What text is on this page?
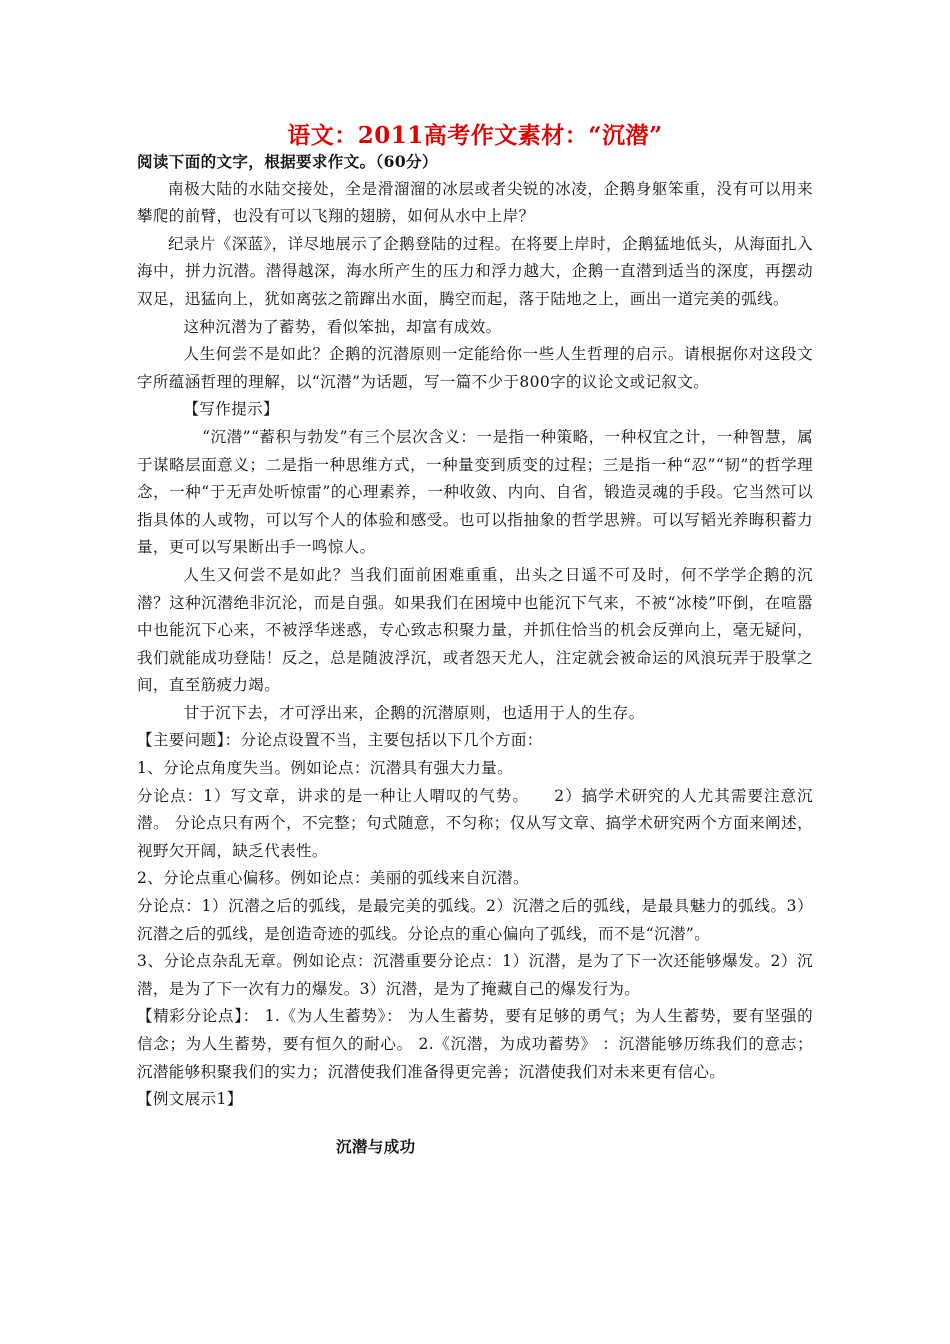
语文：2011高考作文素材：“沉潜”

阅读下面的文字，根据要求作文。（60分）

南极大陆的水陆交接处，全是滑溜溜的冰层或者尖锐的冰凌，企鹅身躯笨重，没有可以用来攀爬的前臂，也没有可以飞翔的翅膀，如何从水中上岸？

纪录片《深蓝》，详尽地展示了企鹅登陆的过程。在将要上岸时，企鹅猛地低头，从海面扎入海中，拼力沉潜。潜得越深，海水所产生的压力和浮力越大，企鹅一直潜到适当的深度，再摆动双足，迅猛向上，犹如离弦之箭蹿出水面，腾空而起，落于陆地之上，画出一道完美的弧线。

这种沉潜为了蓄势，看似笨拙，却富有成效。

人生何尝不是如此？企鹅的沉潜原则一定能给你一些人生哲理的启示。请根据你对这段文字所蕴涵哲理的理解，以“沉潜”为话题，写一篇不少于800字的议论文或记叙文。

【写作提示】

“沉潜”“蓄积与勃发”有三个层次含义：一是指一种策略，一种权宜之计，一种智慧，属于谋略层面意义；二是指一种思维方式，一种量变到质变的过程；三是指一种“忍”“韧”的哲学理念，一种“于无声处听惊雷”的心理素养，一种收敛、内向、自省，锻造灵魂的手段。它当然可以指具体的人或物，可以写个人的体验和感受。也可以指抽象的哲学思辨。可以写韬光养晦积蓄力量，更可以写果断出手一鸣惊人。

人生又何尝不是如此？当我们面前困难重重，出头之日遥不可及时，何不学学企鹅的沉潜？这种沉潜绝非沉沦，而是自强。如果我们在困境中也能沉下气来，不被“冰棱”吓倒，在喧嚣中也能沉下心来，不被浮华迷惑，专心致志积聚力量，并抓住恰当的机会反弹向上，毫无疑问，我们就能成功登陆！反之，总是随波浮沉，或者怨天尤人，注定就会被命运的风浪玩弄于股掌之间，直至筋疲力竭。

甘于沉下去，才可浮出来，企鹅的沉潜原则，也适用于人的生存。

【主要问题】：分论点设置不当，主要包括以下几个方面：

1、分论点角度失当。例如论点：沉潜具有强大力量。

分论点：1）写文章，讲求的是一种让人喟叹的气势。　　2）搞学术研究的人尤其需要注意沉潜。 分论点只有两个，不完整；句式随意，不匀称；仅从写文章、搞学术研究两个方面来阐述，视野欠开阔，缺乏代表性。

2、分论点重心偏移。例如论点：美丽的弧线来自沉潜。

分论点：1）沉潜之后的弧线，是最完美的弧线。2）沉潜之后的弧线，是最具魅力的弧线。3）沉潜之后的弧线，是创造奇迹的弧线。分论点的重心偏向了弧线，而不是“沉潜”。

3、分论点杂乱无章。例如论点：沉潜重要分论点：1）沉潜，是为了下一次还能够爆发。2）沉潜，是为了下一次有力的爆发。3）沉潜，是为了掩藏自己的爆发行为。

【精彩分论点】： 1.《为人生蓄势》： 为人生蓄势，要有足够的勇气；为人生蓄势，要有坚强的信念；为人生蓄势，要有恒久的耐心。 2.《沉潜，为成功蓄势》 ：沉潜能够历练我们的意志；沉潜能够积聚我们的实力；沉潜使我们准备得更完善；沉潜使我们对未来更有信心。

【例文展示1】

沉潜与成功
